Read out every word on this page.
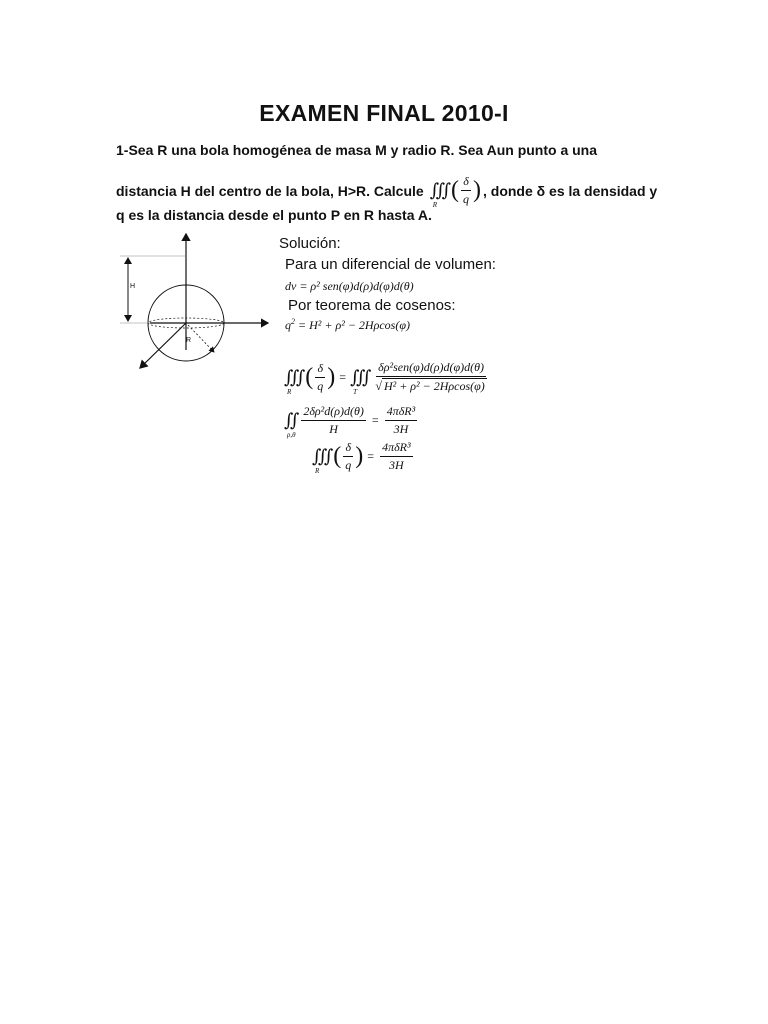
EXAMEN FINAL 2010-I
1-Sea R una bola homogénea de masa M y radio R. Sea Aun punto a una
distancia H del centro de la bola, H>R. Calcule ∭
R
( $\frac{\delta}{q}$ ) , donde δ es la densidad y
q es la distancia desde el punto P en R hasta A.
H
R
Solución:
Para un diferencial de volumen:
dv = ρ² sen(φ)d(ρ)d(φ)d(θ)
Por teorema de cosenos:
$q^2 = H^2 + \rho^2 - 2H\rho\cos(\varphi)$
∭
R
( $\frac{\delta}{q}$ ) = ∭
T $\frac{\text{δρ²sen(φ)d(ρ)d(φ)d(θ)}}{\text{√ H² + ρ² − 2Hρcos(φ)}}$
∬
$\rho,\theta \frac{\text{2δρ²d(ρ)d(θ)}}{H} = \frac{\text{4πδR³}}{3H}$
∭
R
( $\frac{\delta}{q}$ ) = $\frac{\text{4πδR³}}{3H}$
